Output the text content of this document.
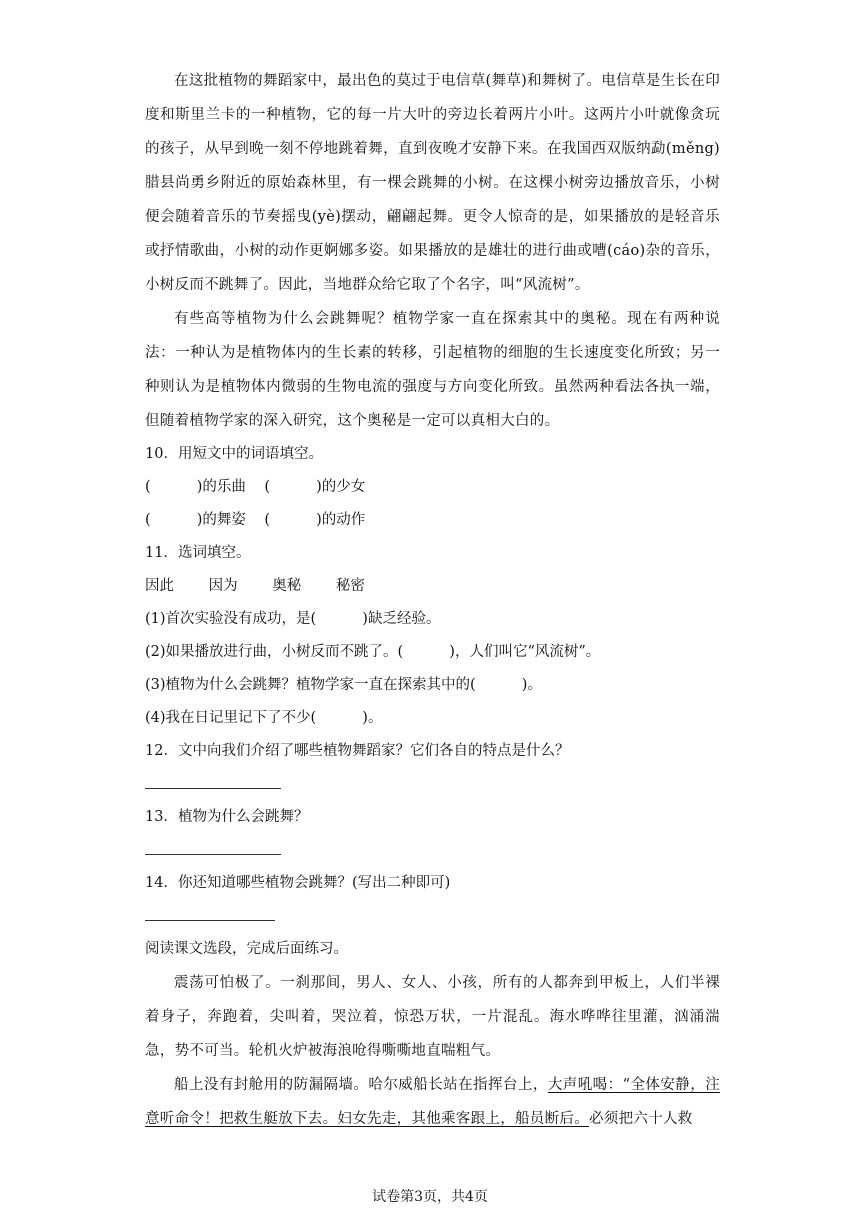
在这批植物的舞蹈家中，最出色的莫过于电信草(舞草)和舞树了。电信草是生长在印度和斯里兰卡的一种植物，它的每一片大叶的旁边长着两片小叶。这两片小叶就像贪玩的孩子，从早到晚一刻不停地跳着舞，直到夜晚才安静下来。在我国西双版纳勐(měng)腊县尚勇乡附近的原始森林里，有一棵会跳舞的小树。在这棵小树旁边播放音乐，小树便会随着音乐的节奏摇曳(yè)摆动，翩翩起舞。更令人惊奇的是，如果播放的是轻音乐或抒情歌曲，小树的动作更婀娜多姿。如果播放的是雄壮的进行曲或嘈(cáo)杂的音乐，小树反而不跳舞了。因此，当地群众给它取了个名字，叫“风流树”。

有些高等植物为什么会跳舞呢？植物学家一直在探索其中的奥秘。现在有两种说法：一种认为是植物体内的生长素的转移，引起植物的细胞的生长速度变化所致；另一种则认为是植物体内微弱的生物电流的强度与方向变化所致。虽然两种看法各执一端，但随着植物学家的深入研究，这个奥秘是一定可以真相大白的。

10．用短文中的词语填空。

(          )的乐曲    (          )的少女

(          )的舞姿    (          )的动作

11．选词填空。

因此 因为 奥秘 秘密

(1)首次实验没有成功，是(          )缺乏经验。

(2)如果播放进行曲，小树反而不跳了。(          )，人们叫它“风流树”。

(3)植物为什么会跳舞？植物学家一直在探索其中的(          )。

(4)我在日记里记下了不少(          )。

12．文中向我们介绍了哪些植物舞蹈家？它们各自的特点是什么？

13．植物为什么会跳舞？

14．你还知道哪些植物会跳舞？(写出二种即可)

阅读课文选段，完成后面练习。

震荡可怕极了。一刹那间，男人、女人、小孩，所有的人都奔到甲板上，人们半裸着身子，奔跑着，尖叫着，哭泣着，惊恐万状，一片混乱。海水哗哗往里灌，汹涌湍急，势不可当。轮机火炉被海浪呛得嘶嘶地直喘粗气。

船上没有封舱用的防漏隔墙。哈尔威船长站在指挥台上，大声吼喝：“全体安静，注意听命令！把救生艇放下去。妇女先走，其他乘客跟上，船员断后。必须把六十人救

试卷第3页，共4页
